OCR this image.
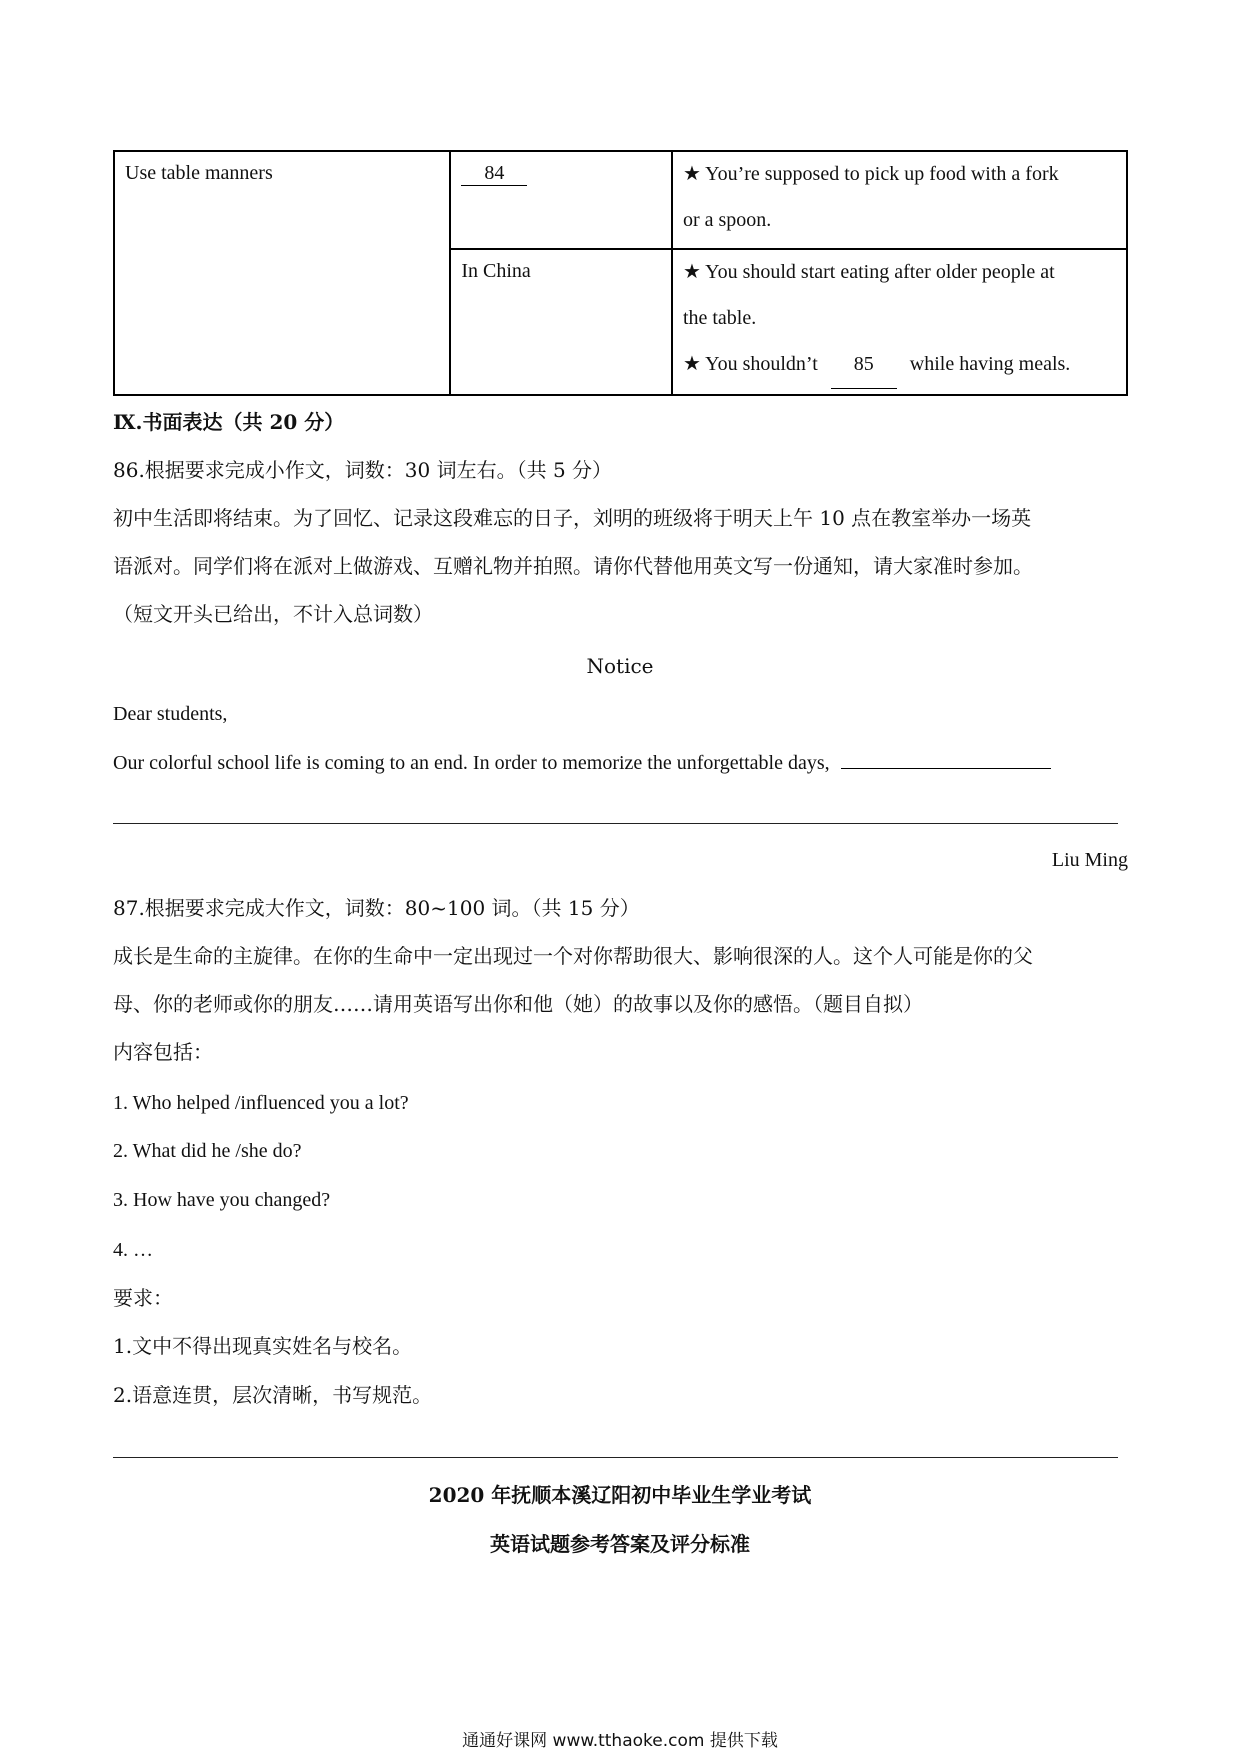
Use table manners	84	★ You’re supposed to pick up food with a fork
or a spoon.

	In China	★ You should start eating after older people at
the table.
★ You shouldn’t 85 while having meals.
Ⅸ.书面表达（共 20 分）
86.根据要求完成小作文，词数：30 词左右。（共 5 分）
初中生活即将结束。为了回忆、记录这段难忘的日子，刘明的班级将于明天上午 10 点在教室举办一场英
语派对。同学们将在派对上做游戏、互赠礼物并拍照。请你代替他用英文写一份通知，请大家准时参加。
（短文开头已给出，不计入总词数）
Notice
Dear students,
Our colorful school life is coming to an end. In order to memorize the unforgettable days,
Liu Ming
87.根据要求完成大作文，词数：80~100 词。（共 15 分）
成长是生命的主旋律。在你的生命中一定出现过一个对你帮助很大、影响很深的人。这个人可能是你的父
母、你的老师或你的朋友……请用英语写出你和他（她）的故事以及你的感悟。（题目自拟）
内容包括：
1. Who helped /influenced you a lot?
2. What did he /she do?
3. How have you changed?
4. …
要求：
1.文中不得出现真实姓名与校名。
2.语意连贯，层次清晰，书写规范。
2020 年抚顺本溪辽阳初中毕业生学业考试
英语试题参考答案及评分标准
通通好课网 www.tthaoke.com 提供下载
